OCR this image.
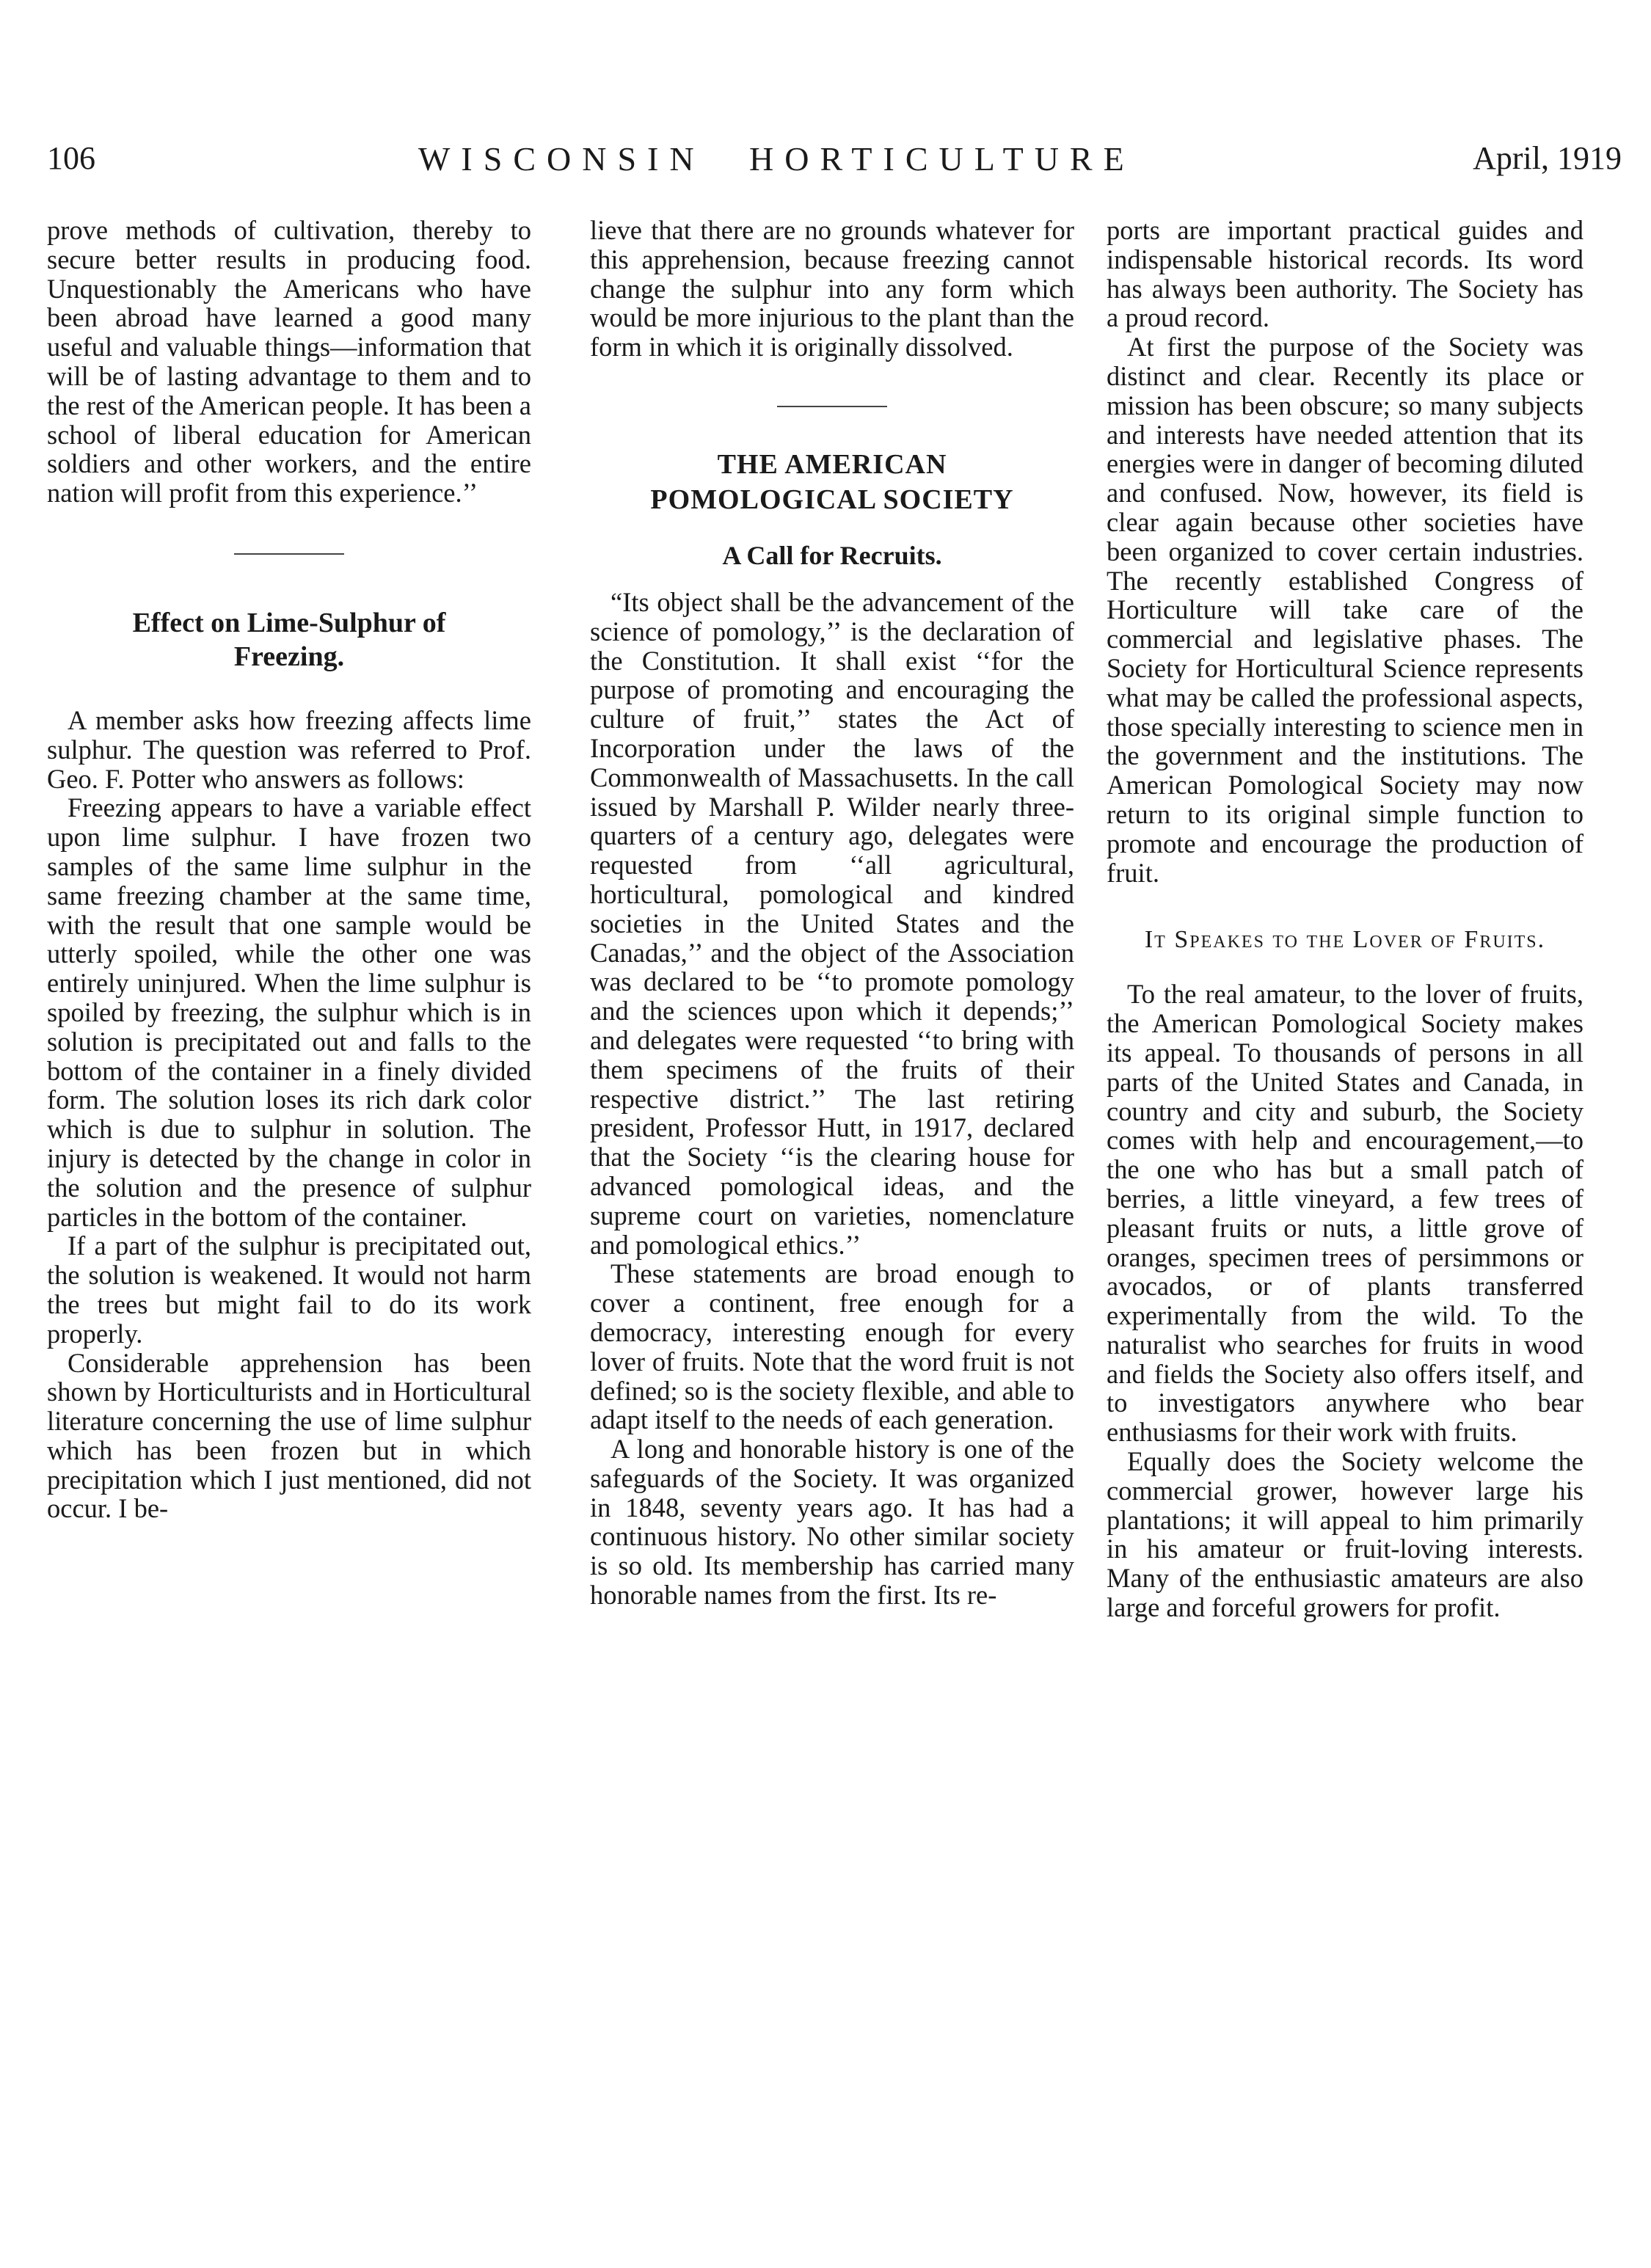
106	WISCONSIN HORTICULTURE	April, 1919

prove methods of cultivation, thereby to secure better results in producing food. Unquestionably the Americans who have been abroad have learned a good many useful and valuable things—information that will be of lasting advantage to them and to the rest of the American people. It has been a school of liberal education for American soldiers and other workers, and the entire nation will profit from this experience.’’

Effect on Lime-Sulphur of Freezing.

A member asks how freezing affects lime sulphur. The question was referred to Prof. Geo. F. Potter who answers as follows:

Freezing appears to have a variable effect upon lime sulphur. I have frozen two samples of the same lime sulphur in the same freezing chamber at the same time, with the result that one sample would be utterly spoiled, while the other one was entirely uninjured. When the lime sulphur is spoiled by freezing, the sulphur which is in solution is precipitated out and falls to the bottom of the container in a finely divided form. The solution loses its rich dark color which is due to sulphur in solution. The injury is detected by the change in color in the solution and the presence of sulphur particles in the bottom of the container.

If a part of the sulphur is precipitated out, the solution is weakened. It would not harm the trees but might fail to do its work properly.

Considerable apprehension has been shown by Horticulturists and in Horticultural literature concerning the use of lime sulphur which has been frozen but in which precipitation which I just mentioned, did not occur. I be-

lieve that there are no grounds whatever for this apprehension, because freezing cannot change the sulphur into any form which would be more injurious to the plant than the form in which it is originally dissolved.

THE AMERICAN POMOLOGICAL SOCIETY
A Call for Recruits.

“Its object shall be the advancement of the science of pomology,’’ is the declaration of the Constitution. It shall exist ‘‘for the purpose of promoting and encouraging the culture of fruit,’’ states the Act of Incorporation under the laws of the Commonwealth of Massachusetts. In the call issued by Marshall P. Wilder nearly three-quarters of a century ago, delegates were requested from ‘‘all agricultural, horticultural, pomological and kindred societies in the United States and the Canadas,’’ and the object of the Association was declared to be ‘‘to promote pomology and the sciences upon which it depends;’’ and delegates were requested ‘‘to bring with them specimens of the fruits of their respective district.’’ The last retiring president, Professor Hutt, in 1917, declared that the Society ‘‘is the clearing house for advanced pomological ideas, and the supreme court on varieties, nomenclature and pomological ethics.’’

These statements are broad enough to cover a continent, free enough for a democracy, interesting enough for every lover of fruits. Note that the word fruit is not defined; so is the society flexible, and able to adapt itself to the needs of each generation.

A long and honorable history is one of the safeguards of the Society. It was organized in 1848, seventy years ago. It has had a continuous history. No other similar society is so old. Its membership has carried many honorable names from the first. Its re-

ports are important practical guides and indispensable historical records. Its word has always been authority. The Society has a proud record.

At first the purpose of the Society was distinct and clear. Recently its place or mission has been obscure; so many subjects and interests have needed attention that its energies were in danger of becoming diluted and confused. Now, however, its field is clear again because other societies have been organized to cover certain industries. The recently established Congress of Horticulture will take care of the commercial and legislative phases. The Society for Horticultural Science represents what may be called the professional aspects, those specially interesting to science men in the government and the institutions. The American Pomological Society may now return to its original simple function to promote and encourage the production of fruit.

It Speakes to the Lover of Fruits.

To the real amateur, to the lover of fruits, the American Pomological Society makes its appeal. To thousands of persons in all parts of the United States and Canada, in country and city and suburb, the Society comes with help and encouragement,—to the one who has but a small patch of berries, a little vineyard, a few trees of pleasant fruits or nuts, a little grove of oranges, specimen trees of persimmons or avocados, or of plants transferred experimentally from the wild. To the naturalist who searches for fruits in wood and fields the Society also offers itself, and to investigators anywhere who bear enthusiasms for their work with fruits.

Equally does the Society welcome the commercial grower, however large his plantations; it will appeal to him primarily in his amateur or fruit-loving interests. Many of the enthusiastic amateurs are also large and forceful growers for profit.
